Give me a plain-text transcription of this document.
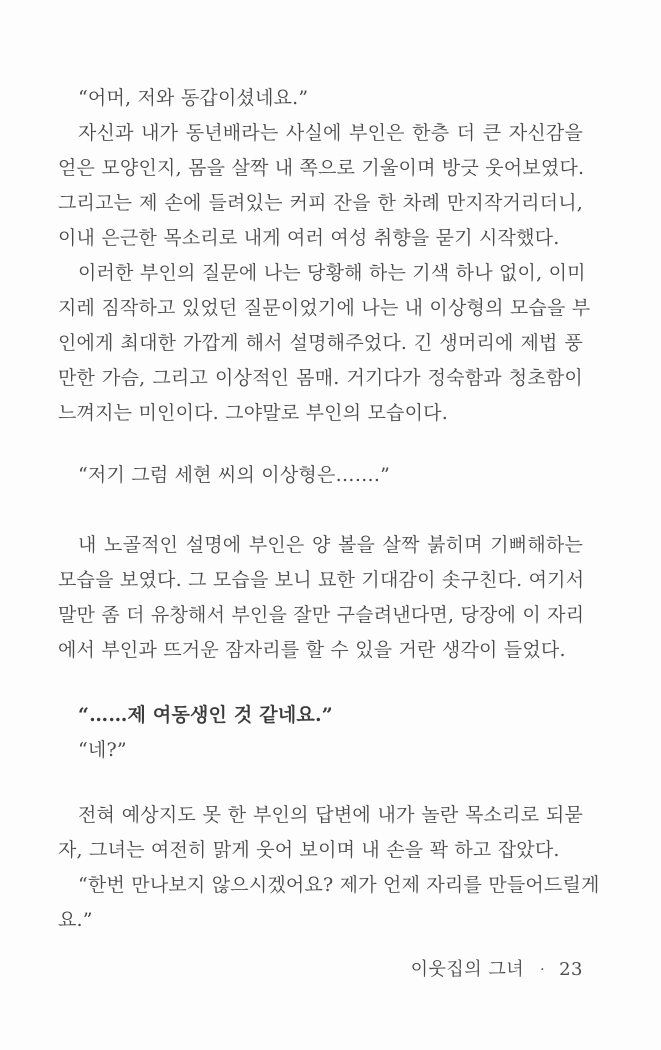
“어머, 저와 동갑이셨네요.”
자신과 내가 동년배라는 사실에 부인은 한층 더 큰 자신감을
얻은 모양인지, 몸을 살짝 내 쪽으로 기울이며 방긋 웃어보였다.
그리고는 제 손에 들려있는 커피 잔을 한 차례 만지작거리더니,
이내 은근한 목소리로 내게 여러 여성 취향을 묻기 시작했다.
이러한 부인의 질문에 나는 당황해 하는 기색 하나 없이, 이미
지레 짐작하고 있었던 질문이었기에 나는 내 이상형의 모습을 부
인에게 최대한 가깝게 해서 설명해주었다. 긴 생머리에 제법 풍
만한 가슴, 그리고 이상적인 몸매. 거기다가 정숙함과 청초함이
느껴지는 미인이다. 그야말로 부인의 모습이다.
“저기 그럼 세현 씨의 이상형은…….”
내 노골적인 설명에 부인은 양 볼을 살짝 붉히며 기뻐해하는
모습을 보였다. 그 모습을 보니 묘한 기대감이 솟구친다. 여기서
말만 좀 더 유창해서 부인을 잘만 구슬려낸다면, 당장에 이 자리
에서 부인과 뜨거운 잠자리를 할 수 있을 거란 생각이 들었다.
“……제 여동생인 것 같네요.”
“네?”
전혀 예상지도 못 한 부인의 답변에 내가 놀란 목소리로 되묻
자, 그녀는 여전히 맑게 웃어 보이며 내 손을 꽉 하고 잡았다.
“한번 만나보지 않으시겠어요? 제가 언제 자리를 만들어드릴게
요.”
이웃집의 그녀 · 23
